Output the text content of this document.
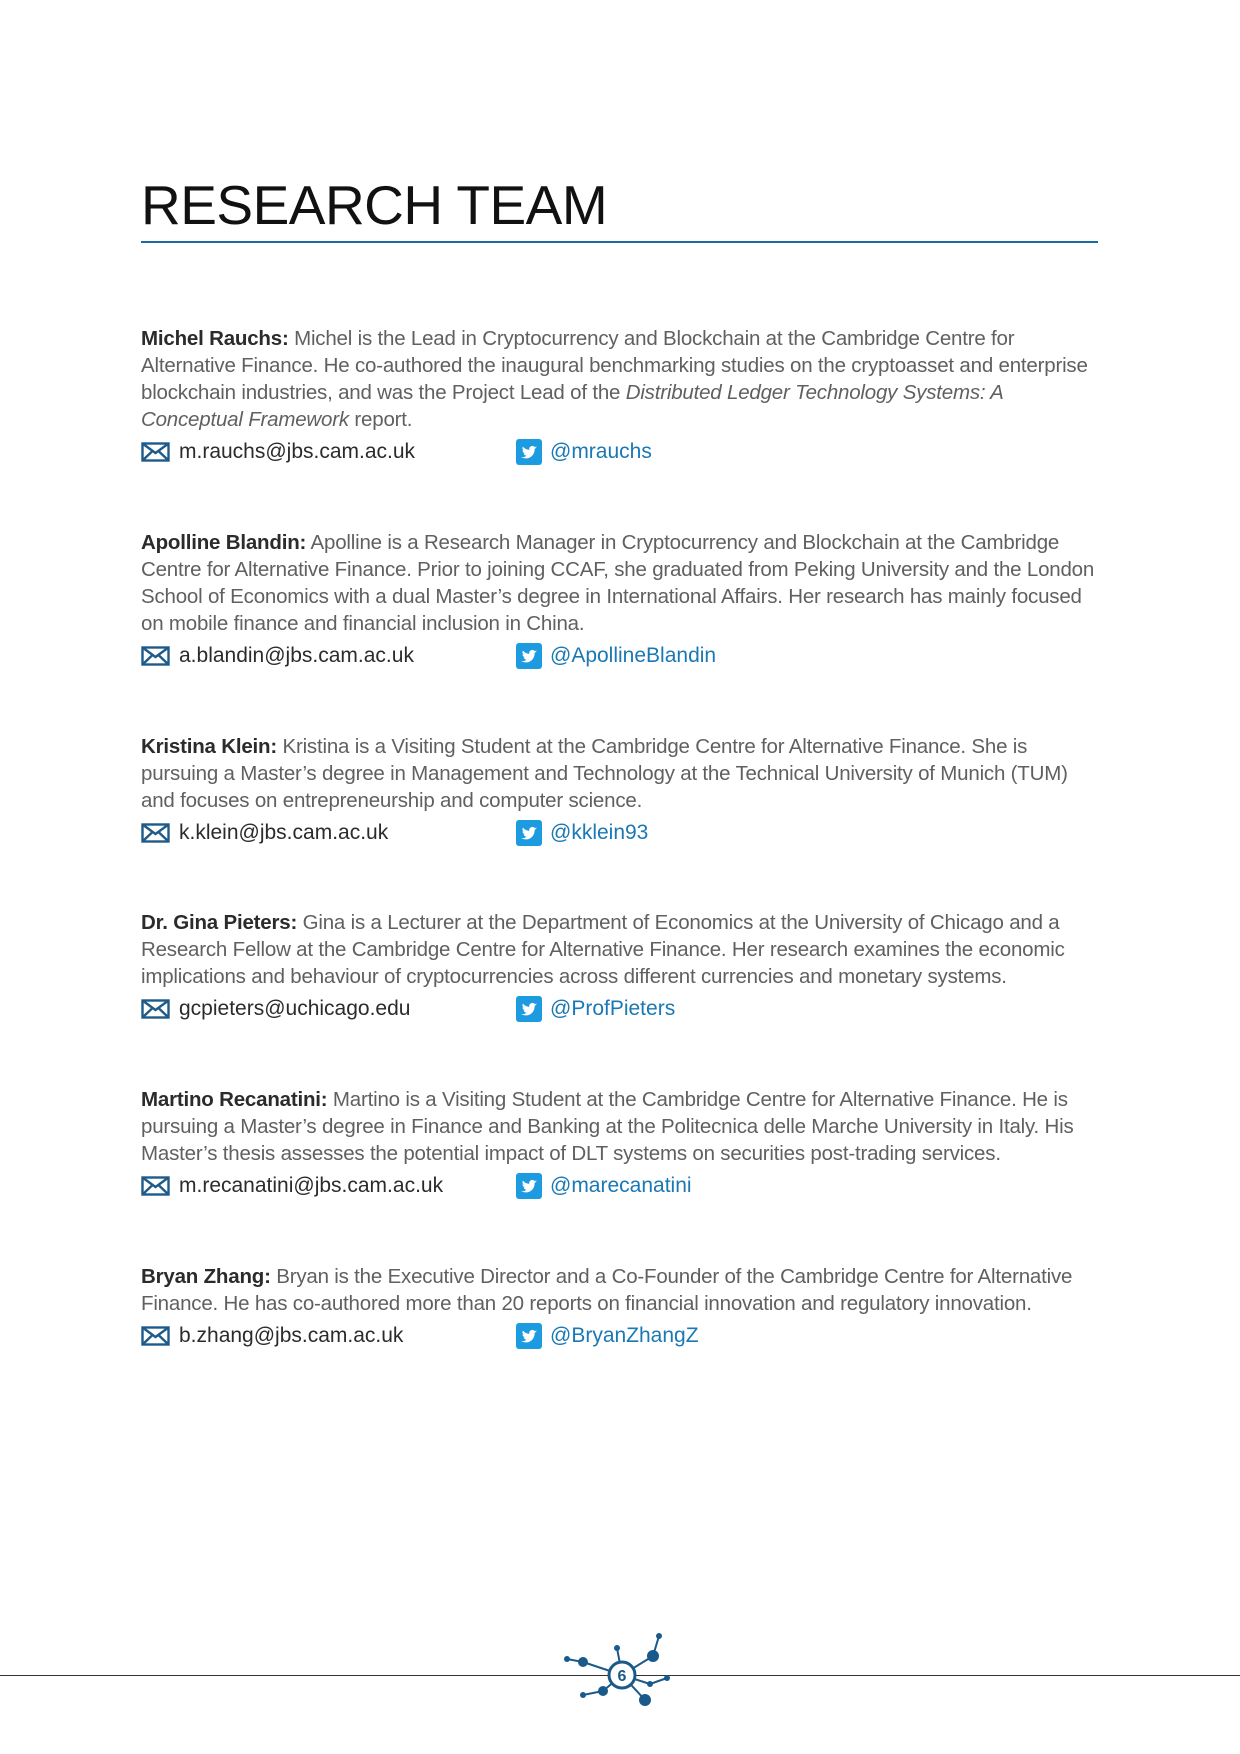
RESEARCH TEAM

Michel Rauchs: Michel is the Lead in Cryptocurrency and Blockchain at the Cambridge Centre for Alternative Finance. He co-authored the inaugural benchmarking studies on the cryptoasset and enterprise blockchain industries, and was the Project Lead of the Distributed Ledger Technology Systems: A Conceptual Framework report.

m.rauchs@jbs.cam.ac.uk	@mrauchs

Apolline Blandin: Apolline is a Research Manager in Cryptocurrency and Blockchain at the Cambridge Centre for Alternative Finance. Prior to joining CCAF, she graduated from Peking University and the London School of Economics with a dual Master’s degree in International Affairs. Her research has mainly focused on mobile finance and financial inclusion in China.

a.blandin@jbs.cam.ac.uk	@ApollineBlandin

Kristina Klein: Kristina is a Visiting Student at the Cambridge Centre for Alternative Finance. She is pursuing a Master’s degree in Management and Technology at the Technical University of Munich (TUM) and focuses on entrepreneurship and computer science.

k.klein@jbs.cam.ac.uk	@kklein93

Dr. Gina Pieters: Gina is a Lecturer at the Department of Economics at the University of Chicago and a Research Fellow at the Cambridge Centre for Alternative Finance. Her research examines the economic implications and behaviour of cryptocurrencies across different currencies and monetary systems.

gcpieters@uchicago.edu	@ProfPieters

Martino Recanatini: Martino is a Visiting Student at the Cambridge Centre for Alternative Finance. He is pursuing a Master’s degree in Finance and Banking at the Politecnica delle Marche University in Italy. His Master’s thesis assesses the potential impact of DLT systems on securities post-trading services.

m.recanatini@jbs.cam.ac.uk	@marecanatini

Bryan Zhang: Bryan is the Executive Director and a Co-Founder of the Cambridge Centre for Alternative Finance. He has co-authored more than 20 reports on financial innovation and regulatory innovation.

b.zhang@jbs.cam.ac.uk	@BryanZhangZ
6
